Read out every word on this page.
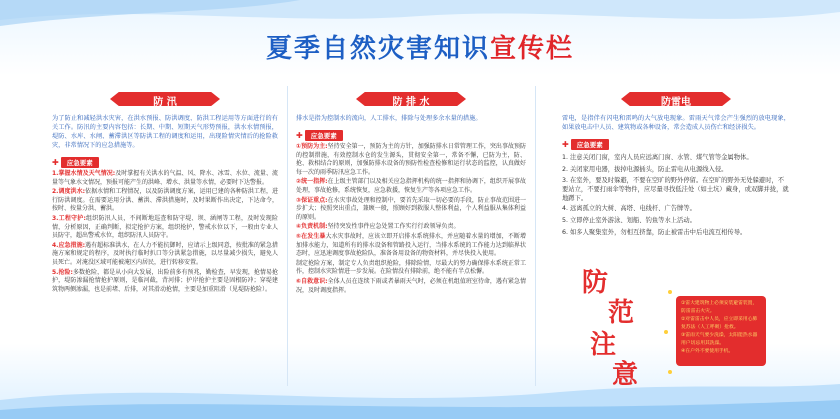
夏季自然灾害知识宣传栏
防 汛
为了防止和减轻洪水灾害，在洪水预报、防洪调度、防洪工程运用等方面进行的有关工作。防汛的主要内容包括：长期、中期、短期天气形势预报，洪水水情预报，堤防、水库、水闸、蓄滞洪区等防洪工程的调度和运用，出现险情灾情后的抢险救灾，非常情况下的应急措施等。
✚ 应急要素
1.掌握水情及天气情况:及时掌握有关洪水的气温、风、降水、冰雪、水位、流量、流量等气象水文情况，预报可能产生的洪峰、增水、洪量等水情，必要时下达警报。
2.调度洪水:依据水情和工程情况，以及防洪调度方案，运用已建的各种防洪工程，进行防洪调度。在需要运用分洪、蓄洪、滞洪措施时，及时果断作出决定，下达命令，按时、按量分洪、蓄洪。
3.工程守护:组织防汛人员，不间断地巡查和防守堤、坝、涵闸等工程，及时发现险情，分析原因，正确判断，拟定抢护方案，组织抢护，警戒水位以下，一般由专业人员防守，超出警戒水位，组织防汛人员防守。
4.应急措施:遇有超标准洪水，在人力不能抗御时，应请示上级同意，按批准的紧急措施方案和规定的程序，及时执行临时扒口等分洪紧急措施，以尽量减少损失，避免人员死亡。对淹没区域可能被淹区内居民，进行转移安置。
5.抢险:多数抢险，都是从小向大发展，出险前多有预兆，勤检查，早发现，抢情易抢护，堤防渗漏抢情抢护原则，是临河截，背河排；护岸抢护主要是固根防冲；穿堤建筑物两侧渗漏，也是前堵、后排，对其滑动抢情，主要是加重阻滑（见堤防抢险）。
防 排 水
排水是指为控制水的流向，人工排水，排除与处理多余水量的措施。
✚ 应急要素
①预防为主:坚持安全第一，预防为主的方针，加强防排水日常管理工作，突出事故预防的控制措施，有效控制水仓的发生源头，贯彻安全第一，常备不懈，已防为主，防、抢、救相结合的原则，加强防排水设备的预防性检查检修和运行状态的监控，认真做好每一次的雨季防汛应急工作。
②统一指挥:在上级主管部门以及相关应急指挥机构的统一指挥和协调下，组织开展事故处理，事故抢修，系统恢复，应急救援，恢复生产等各项应急工作。
③保证重点:在水灾事故处理和控制中，要首先采取一切必要的手段，防止事故范围进一步扩大；按照突出重点，兼顾一般，照顾好到救服人整体利益，个人利益服从集体利益的原则。
④负责机制:坚持突发性事件应急处置工作实行行政领导负责。
⑤在发生暴大水灾事故时，应该立即开启排水系统排水，并应随着水量的增加，不断增加排水能力，知道所有的排水设备和管路投入运行，当排水系统的工作能力达到临界状态时，应迅速调度事故抢险队，准备备用设备的物资材料，并尽快投入使用。
制定抢险方案，制定专人负责组织抢险，排除险情，尽最大的努力确保排水系统正常工作，控制水灾险情进一步发展。在险情没有排除前，绝不能有半点松懈。
⑥自救意识:全体人员在连续下雨或者暴雨天气时，必须在机组值班室待命，遇有紧急情况，及时调度指挥。
防雷电
雷电，是指伴有闪电和雷鸣的大气放电现象。雷雨天气常会产生强烈的放电现象，如果放电击中人员、建筑物或各种设备，常会造成人员伤亡和经济损失。
✚ 应急要素
1. 注意关闭门窗，室内人员应远离门窗、水管、煤气管等金属物体。
2. 关闭家用电器，拔掉电源插头，防止雷电从电源线入侵。
3. 在室外，要及时躲避，不要在空旷的野外停留。在空旷的野外无处躲避时，不要站立，不要打雨伞等物件，应尽量寻找低洼处（如土坑）藏身，或双脚并拢，就地蹲下。
4. 远离孤立的大树、高塔、电线杆、广告牌等。
5. 立即停止室外游泳、划船、钓鱼等水上活动。
6. 如多人聚集室外，勿相互挤靠，防止被雷击中后电流互相传导。
防
范
注
意
①雷大建筑物上必须安装避雷装置，防雷雷击火灾。
②对雷雷击中人员，应立即采用心肺复苏法（人工呼吸）抢救。
③雷雨天气要少洗澡，太阳能热水器用户切忌用其洗澡。
④在户外不要使用手机。
